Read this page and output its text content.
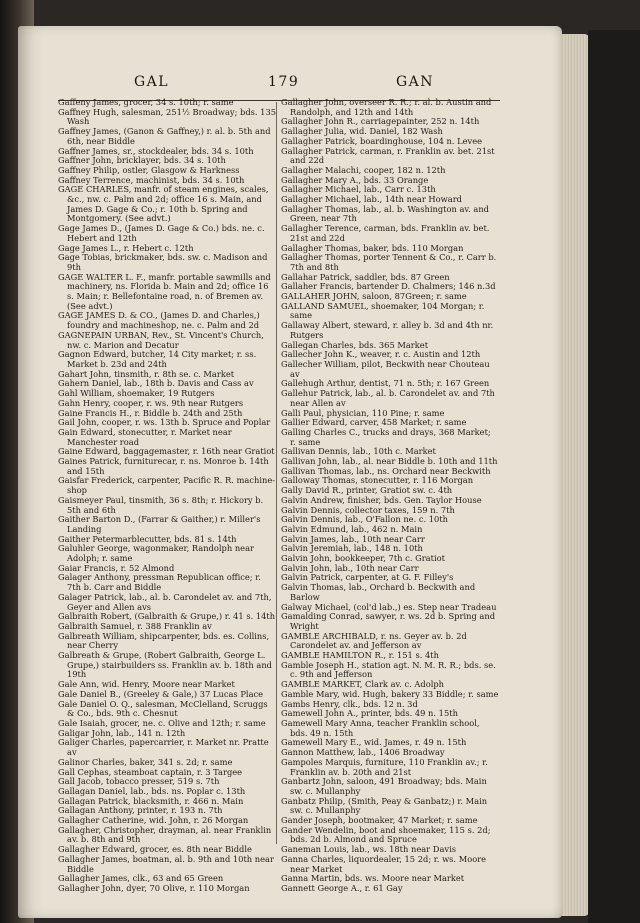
GAL	179	GAN
Gaffeny James, grocer, 34 s. 10th; r. same
Gaffney Hugh, salesman, 251½ Broadway; bds. 135 Wash
Gaffney James, (Ganon & Gaffney,) r. al. b. 5th and 6th, near Biddle
Gaffner James, sr., stockdealer, bds. 34 s. 10th
Gaffner John, bricklayer, bds. 34 s. 10th
Gaffney Philip, ostler, Glasgow & Harkness
Gaffney Terrence, machinist, bds. 34 s. 10th
GAGE CHARLES, manfr. of steam engines, scales, &c., nw. c. Palm and 2d; office 16 s. Main, and James D. Gage & Co.; r. 10th b. Spring and Montgomery. (See advt.)
Gage James D., (James D. Gage & Co.) bds. ne. c. Hebert and 12th
Gage James L., r. Hebert c. 12th
Gage Tobias, brickmaker, bds. sw. c. Madison and 9th
GAGE WALTER L. F., manfr. portable sawmills and machinery, ns. Florida b. Main and 2d; office 16 s. Main; r. Bellefontaine road, n. of Bremen av. (See advt.)
GAGE JAMES D. & CO., (James D. and Charles,) foundry and machineshop, ne. c. Palm and 2d
GAGNEPAIN URBAN, Rev., St. Vincent's Church, nw. c. Marion and Decatur
Gagnon Edward, butcher, 14 City market; r. ss. Market b. 23d and 24th
Gahart John, tinsmith, r. 8th se. c. Market
Gahern Daniel, lab., 18th b. Davis and Cass av
Gahl William, shoemaker, 19 Rutgers
Gahn Henry, cooper, r. ws. 9th near Rutgers
Gaine Francis H., r. Biddle b. 24th and 25th
Gail John, cooper, r. ws. 13th b. Spruce and Poplar
Gain Edward, stonecutter, r. Market near Manchester road
Gaine Edward, baggagemaster, r. 16th near Gratiot
Gaines Patrick, furniturecar, r. ns. Monroe b. 14th and 15th
Gaisfar Frederick, carpenter, Pacific R. R. machine-shop
Gaismeyer Paul, tinsmith, 36 s. 8th; r. Hickory b. 5th and 6th
Gaither Barton D., (Farrar & Gaither,) r. Miller's Landing
Gaither Petermarblecutter, bds. 81 s. 14th
Galuhler George, wagonmaker, Randolph near Adolph; r. same
Gaiar Francis, r. 52 Almond
Galager Anthony, pressman Republican office; r. 7th b. Carr and Biddle
Galager Patrick, lab., al. b. Carondelet av. and 7th, Geyer and Allen avs
Galbraith Robert, (Galbraith & Grupe,) r. 41 s. 14th
Galbraith Samuel, r. 388 Franklin av
Galbreath William, shipcarpenter, bds. es. Collins, near Cherry
Galbreath & Grupe, (Robert Galbraith, George L. Grupe,) stairbuilders ss. Franklin av. b. 18th and 19th
Gale Ann, wid. Henry, Moore near Market
Gale Daniel B., (Greeley & Gale,) 37 Lucas Place
Gale Daniel O. Q., salesman, McClelland, Scruggs & Co., bds. 9th c. Chesnut
Gale Isaiah, grocer, ne. c. Olive and 12th; r. same
Galigar John, lab., 141 n. 12th
Galiger Charles, papercarrier, r. Market nr. Pratte av
Galinor Charles, baker, 341 s. 2d; r. same
Gall Cephas, steamboat captain, r. 3 Targee
Gall Jacob, tobacco presser, 519 s. 7th
Gallagan Daniel, lab., bds. ns. Poplar c. 13th
Gallagan Patrick, blacksmith, r. 466 n. Main
Gallagan Anthony, printer, r. 193 n. 7th
Gallagher Catherine, wid. John, r. 26 Morgan
Gallagher, Christopher, drayman, al. near Franklin av. b. 8th and 9th
Gallagher Edward, grocer, es. 8th near Biddle
Gallagher James, boatman, al. b. 9th and 10th near Biddle
Gallagher James, clk., 63 and 65 Green
Gallagher John, dyer, 70 Olive, r. 110 Morgan
Gallagher John, overseer R. R.; r. al. b. Austin and Randolph, and 12th and 14th
Gallagher John R., carriagepainter, 252 n. 14th
Gallagher Julia, wid. Daniel, 182 Wash
Gallagher Patrick, boardinghouse, 104 n. Levee
Gallagher Patrick, carman, r. Franklin av. bet. 21st and 22d
Gallagher Malachi, cooper, 182 n. 12th
Gallagher Mary A., bds. 33 Orange
Gallagher Michael, lab., Carr c. 13th
Gallagher Michael, lab., 14th near Howard
Gallagher Thomas, lab., al. b. Washington av. and Green, near 7th
Gallagher Terence, carman, bds. Franklin av. bet. 21st and 22d
Gallagher Thomas, baker, bds. 110 Morgan
Gallagher Thomas, porter Tennent & Co., r. Carr b. 7th and 8th
Gallahar Patrick, saddler, bds. 87 Green
Gallaher Francis, bartender D. Chalmers; 146 n.3d
GALLAHER JOHN, saloon, 87Green; r. same
GALLAND SAMUEL, shoemaker, 104 Morgan; r. same
Gallaway Albert, steward, r. alley b. 3d and 4th nr. Rutgers
Gallegan Charles, bds. 365 Market
Gallecher John K., weaver, r. c. Austin and 12th
Gallecher William, pilot, Beckwith near Chouteau av
Gallehugh Arthur, dentist, 71 n. 5th; r. 167 Green
Gallehur Patrick, lab., al. b. Carondelet av. and 7th near Allen av
Galli Paul, physician, 110 Pine; r. same
Gallier Edward, carver, 458 Market; r. same
Galling Charles C., trucks and drays, 368 Market; r. same
Gallivan Dennis, lab., 10th c. Market
Gallivan John, lab., al. near Biddle b. 10th and 11th
Gallivan Thomas, lab., ns. Orchard near Beckwith
Galloway Thomas, stonecutter, r. 116 Morgan
Gally David R., printer, Gratiot sw. c. 4th
Galvin Andrew, finisher, bds. Gen. Taylor House
Galvin Dennis, collector taxes, 159 n. 7th
Galvin Dennis, lab., O'Fallon ne. c. 10th
Galvin Edmund, lab., 462 n. Main
Galvin James, lab., 10th near Carr
Galvin Jeremiah, lab., 148 n. 10th
Galvin John, bookkeeper, 7th c. Gratiot
Galvin John, lab., 10th near Carr
Galvin Patrick, carpenter, at G. F. Filley's
Galvin Thomas, lab., Orchard b. Beckwith and Barlow
Galway Michael, (col'd lab.,) es. Step near Tradeau
Gamalding Conrad, sawyer, r. ws. 2d b. Spring and Wright
GAMBLE ARCHIBALD, r. ns. Geyer av. b. 2d Carondelet av. and Jefferson av
GAMBLE HAMILTON R., r. 151 s. 4th
Gamble Joseph H., station agt. N. M. R. R.; bds. se. c. 9th and Jefferson
GAMBLE MARKET, Clark av. c. Adolph
Gamble Mary, wid. Hugh, bakery 33 Biddle; r. same
Gambs Henry, clk., bds. 12 n. 3d
Gamewell John A., printer, bds. 49 n. 15th
Gamewell Mary Anna, teacher Franklin school, bds. 49 n. 15th
Gamewell Mary E., wid. James, r. 49 n. 15th
Gannon Matthew, lab., 1406 Broadway
Gampoles Marquis, furniture, 110 Franklin av.; r. Franklin av. b. 20th and 21st
Ganbartz John, saloon, 491 Broadway; bds. Main sw. c. Mullanphy
Ganbatz Philip, (Smith, Peay & Ganbatz;) r. Main sw. c. Mullanphy
Gander Joseph, bootmaker, 47 Market; r. same
Gander Wendelin, boot and shoemaker, 115 s. 2d; bds. 2d b. Almond and Spruce
Ganeman Louis, lab., ws. 18th near Davis
Ganna Charles, liquordealer, 15 2d; r. ws. Moore near Market
Ganna Martin, bds. ws. Moore near Market
Gannett George A., r. 61 Gay
